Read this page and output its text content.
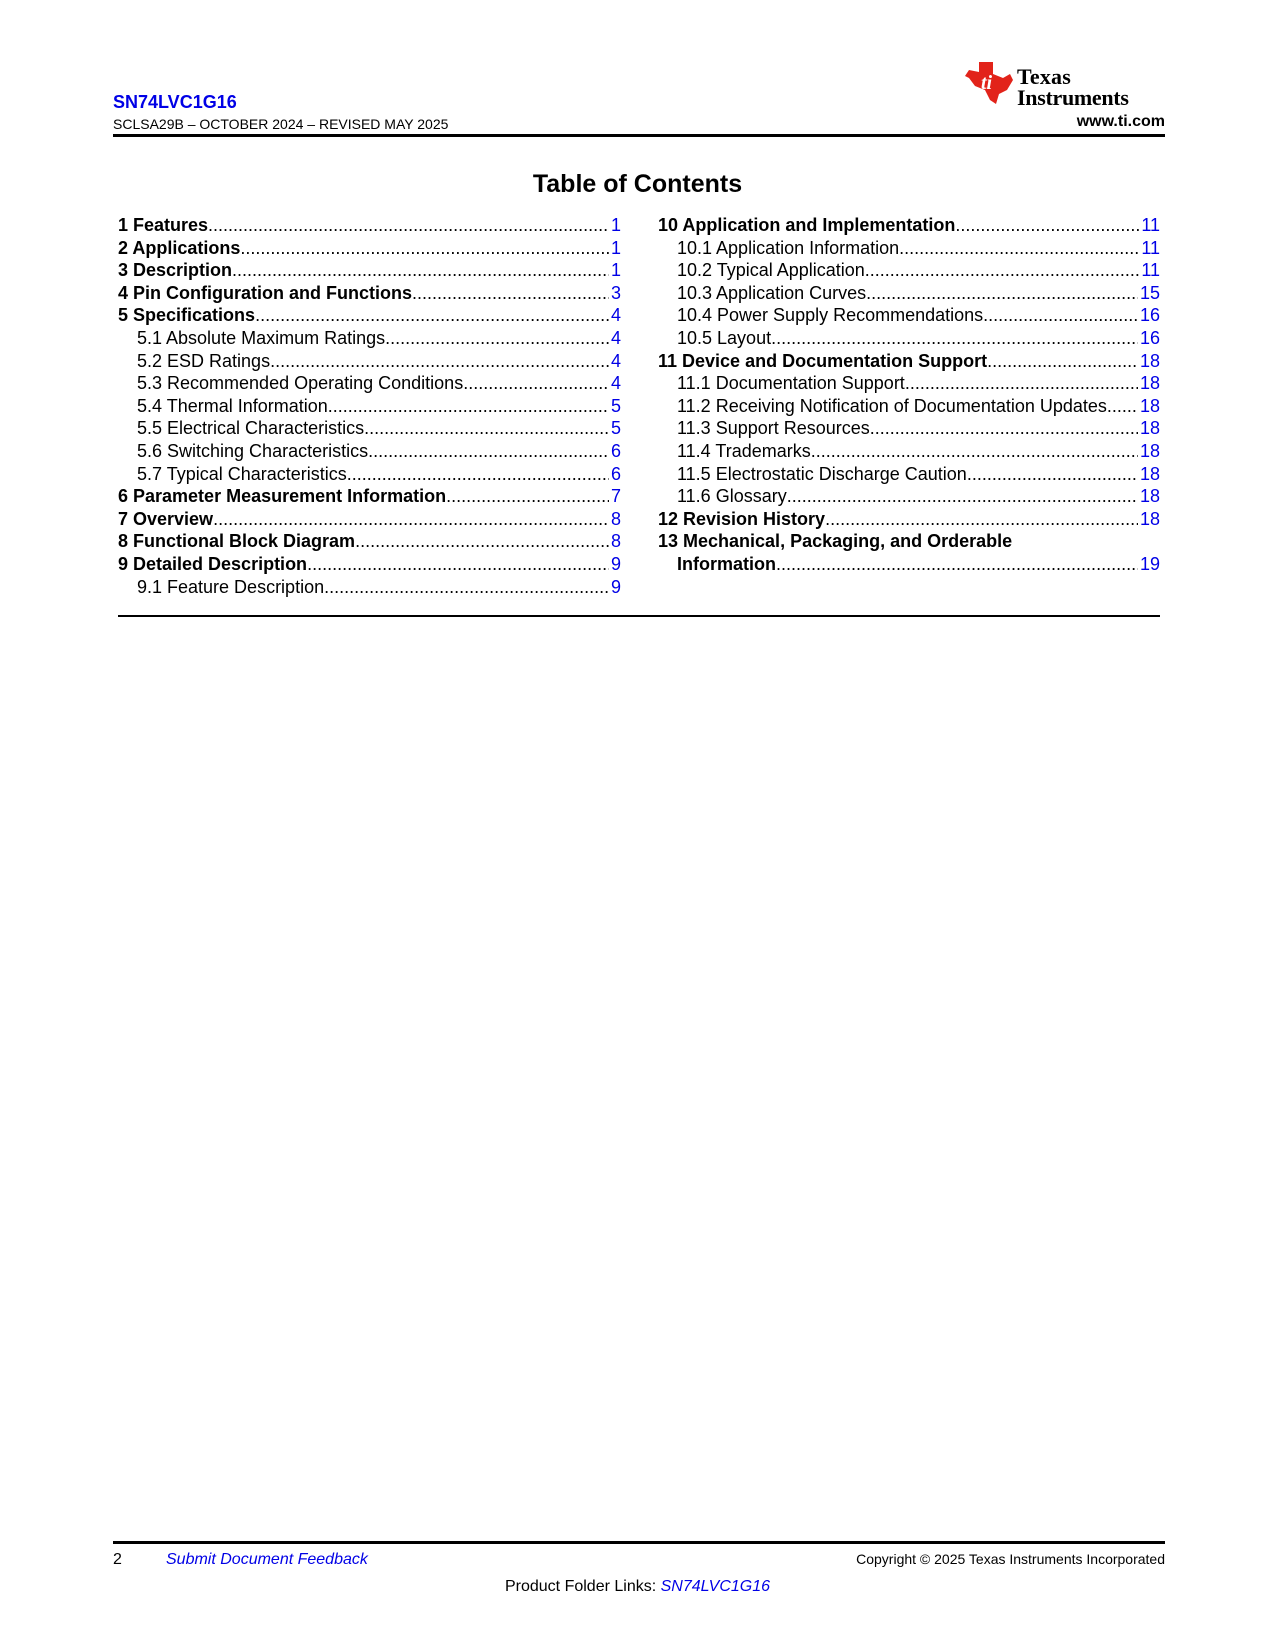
SN74LVC1G16
SCLSA29B – OCTOBER 2024 – REVISED MAY 2025
ti Texas
Instruments
www.ti.com
Table of Contents
1 Features .....	1
2 Applications .....	1
3 Description .....	1
4 Pin Configuration and Functions .....	3
5 Specifications .....	4
5.1 Absolute Maximum Ratings .....	4
5.2 ESD Ratings .....	4
5.3 Recommended Operating Conditions .....	4
5.4 Thermal Information .....	5
5.5 Electrical Characteristics .....	5
5.6 Switching Characteristics .....	6
5.7 Typical Characteristics .....	6
6 Parameter Measurement Information .....	7
7 Overview .....	8
8 Functional Block Diagram .....	8
9 Detailed Description .....	9
9.1 Feature Description .....	9
10 Application and Implementation .....	11
10.1 Application Information .....	11
10.2 Typical Application .....	11
10.3 Application Curves .....	15
10.4 Power Supply Recommendations .....	16
10.5 Layout .....	16
11 Device and Documentation Support .....	18
11.1 Documentation Support .....	18
11.2 Receiving Notification of Documentation Updates ..... 18
11.3 Support Resources .....	18
11.4 Trademarks .....	18
11.5 Electrostatic Discharge Caution .....	18
11.6 Glossary .....	18
12 Revision History .....	18
13 Mechanical, Packaging, and Orderable
Information .....	19
2	Submit Document Feedback	Copyright © 2025 Texas Instruments Incorporated
Product Folder Links: SN74LVC1G16
